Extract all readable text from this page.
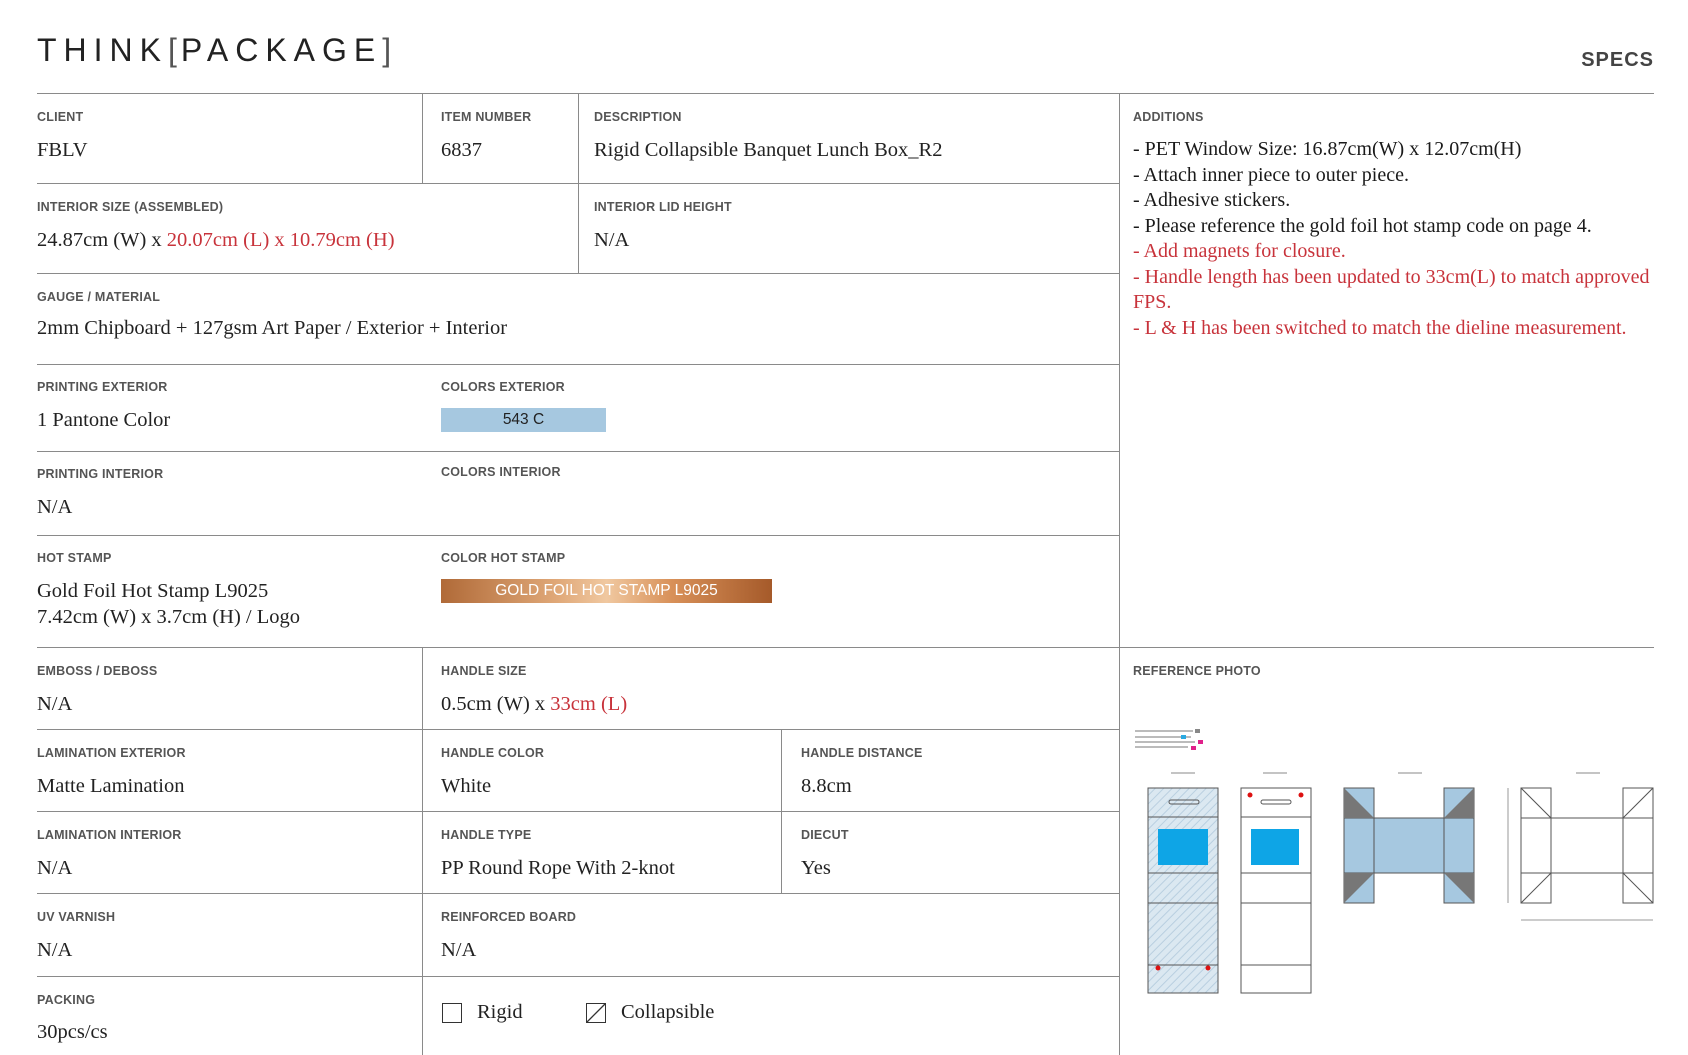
THINK[PACKAGE]	SPECS
CLIENT
FBLV
ITEM NUMBER
6837
DESCRIPTION
Rigid Collapsible Banquet Lunch Box_R2
INTERIOR SIZE (ASSEMBLED)
24.87cm (W) x 20.07cm (L) x 10.79cm (H)
INTERIOR LID HEIGHT
N/A
GAUGE / MATERIAL
2mm Chipboard + 127gsm Art Paper / Exterior + Interior
PRINTING EXTERIOR
1 Pantone Color
COLORS EXTERIOR
543 C
PRINTING INTERIOR
N/A
COLORS INTERIOR
HOT STAMP
Gold Foil Hot Stamp L9025
7.42cm (W) x 3.7cm (H) / Logo
COLOR HOT STAMP
GOLD FOIL HOT STAMP L9025
ADDITIONS
- PET Window Size: 16.87cm(W) x 12.07cm(H)
- Attach inner piece to outer piece.
- Adhesive stickers.
- Please reference the gold foil hot stamp code on page 4.
- Add magnets for closure.
- Handle length has been updated to 33cm(L) to match approved FPS.
- L & H has been switched to match the dieline measurement.
EMBOSS / DEBOSS
N/A
HANDLE SIZE
0.5cm (W) x 33cm (L)
REFERENCE PHOTO
LAMINATION EXTERIOR
Matte Lamination
HANDLE COLOR
White
HANDLE DISTANCE
8.8cm
LAMINATION INTERIOR
N/A
HANDLE TYPE
PP Round Rope With 2-knot
DIECUT
Yes
UV VARNISH
N/A
REINFORCED BOARD
N/A
PACKING
30pcs/cs
Rigid	Collapsible
